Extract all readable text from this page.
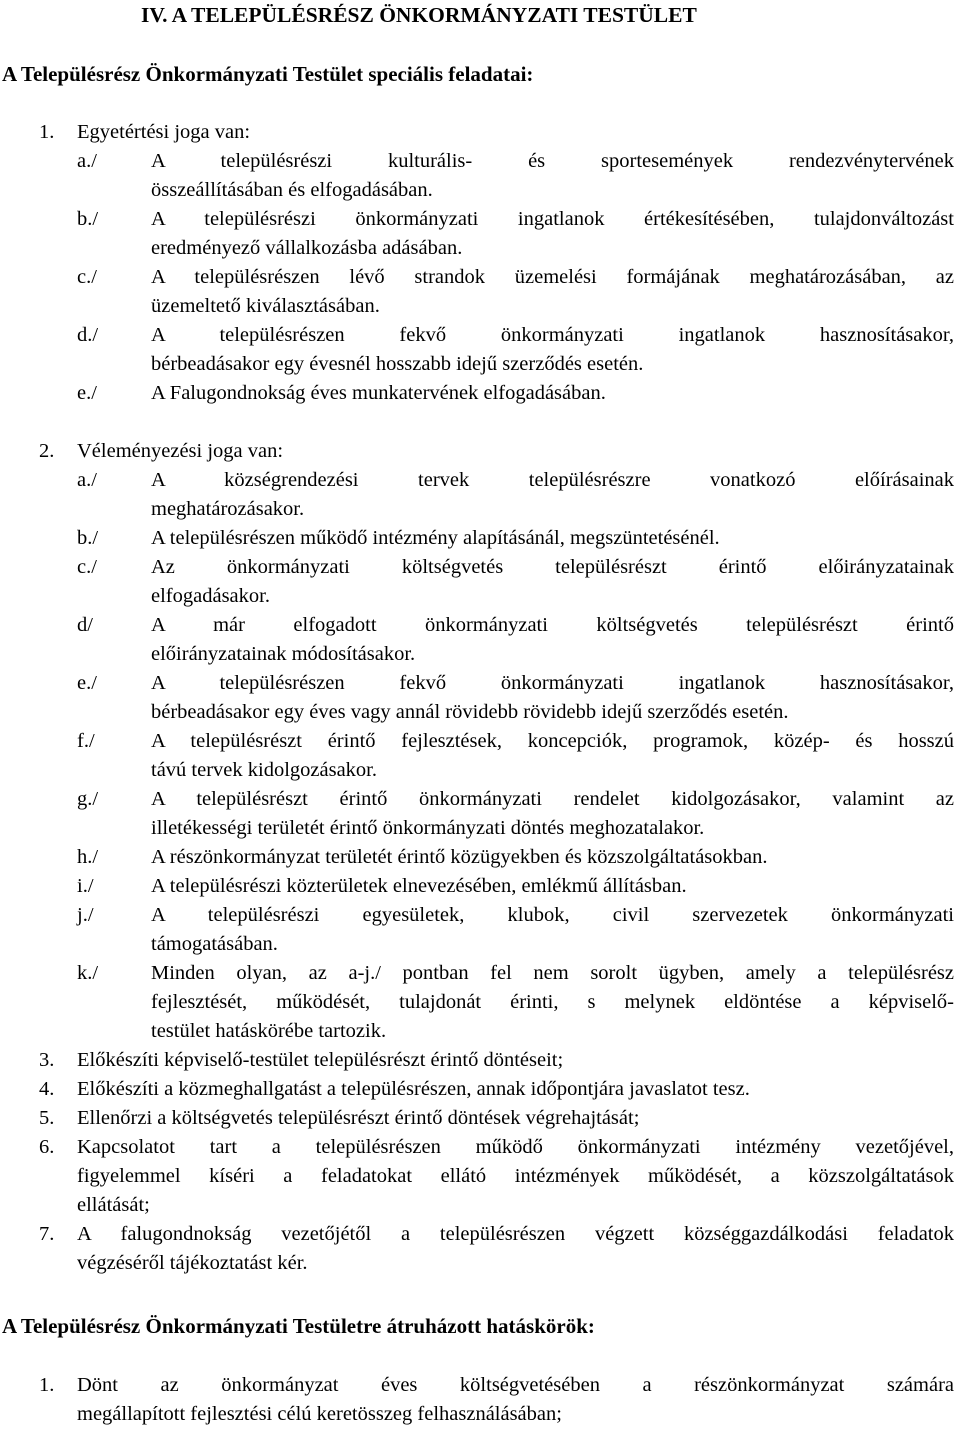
IV. A TELEPÜLÉSRÉSZ ÖNKORMÁNYZATI TESTÜLET
A Településrész Önkormányzati Testület speciális feladatai:
1. Egyetértési joga van:
a./	A településrészi kulturális- és sportesemények rendezvénytervének
összeállításában és elfogadásában.
b./	A településrészi önkormányzati ingatlanok értékesítésében, tulajdonváltozást
eredményező vállalkozásba adásában.
c./	A településrészen lévő strandok üzemelési formájának meghatározásában, az
üzemeltető kiválasztásában.
d./	A településrészen fekvő önkormányzati ingatlanok hasznosításakor,
bérbeadásakor egy évesnél hosszabb idejű szerződés esetén.
e./	A Falugondnokság éves munkatervének elfogadásában.
2. Véleményezési joga van:
a./	A községrendezési tervek településrészre vonatkozó előírásainak
meghatározásakor.
b./	A településrészen működő intézmény alapításánál, megszüntetésénél.
c./	Az önkormányzati költségvetés településrészt érintő előirányzatainak
elfogadásakor.
d/	A már elfogadott önkormányzati költségvetés településrészt érintő
előirányzatainak módosításakor.
e./	A településrészen fekvő önkormányzati ingatlanok hasznosításakor,
bérbeadásakor egy éves vagy annál rövidebb rövidebb idejű szerződés esetén.
f./	A településrészt érintő fejlesztések, koncepciók, programok, közép- és hosszú
távú tervek kidolgozásakor.
g./	A településrészt érintő önkormányzati rendelet kidolgozásakor, valamint az
illetékességi területét érintő önkormányzati döntés meghozatalakor.
h./	A részönkormányzat területét érintő közügyekben és közszolgáltatásokban.
i./	A településrészi közterületek elnevezésében, emlékmű állításban.
j./	A településrészi egyesületek, klubok, civil szervezetek önkormányzati
támogatásában.
k./	Minden olyan, az a-j./ pontban fel nem sorolt ügyben, amely a településrész
fejlesztését, működését, tulajdonát érinti, s melynek eldöntése a képviselő-
testület hatáskörébe tartozik.
3. Előkészíti képviselő-testület településrészt érintő döntéseit;
4. Előkészíti a közmeghallgatást a településrészen, annak időpontjára javaslatot tesz.
5. Ellenőrzi a költségvetés településrészt érintő döntések végrehajtását;
6. Kapcsolatot tart a településrészen működő önkormányzati intézmény vezetőjével,
figyelemmel kíséri a feladatokat ellátó intézmények működését, a közszolgáltatások
ellátását;
7. A falugondnokság vezetőjétől a településrészen végzett községgazdálkodási feladatok
végzéséről tájékoztatást kér.
A Településrész Önkormányzati Testületre átruházott hatáskörök:
1. Dönt az önkormányzat éves költségvetésében a részönkormányzat számára
megállapított fejlesztési célú keretösszeg felhasználásában;
